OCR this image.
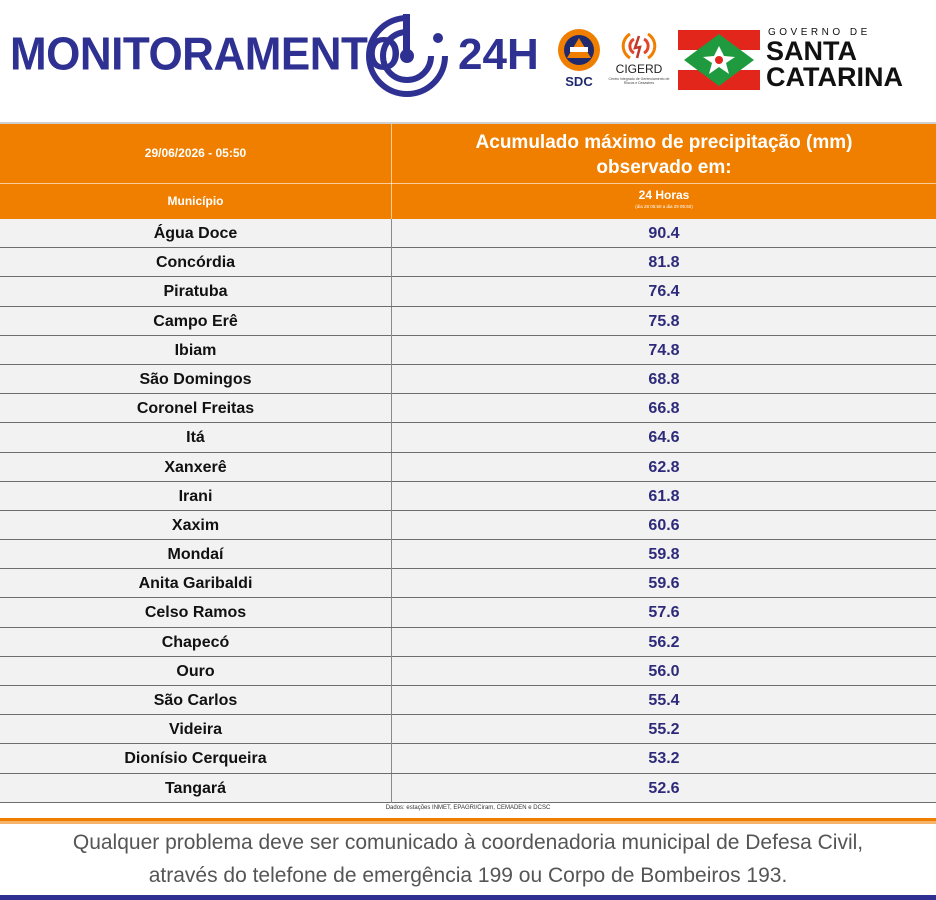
MONITORAMENTO 24H
SDC
CIGERD
Centro Integrado de Gerenciamento de Riscos e Desastres
GOVERNO DE
SANTA
CATARINA
29/06/2026 - 05:50	Acumulado máximo de precipitação (mm)
observado em:
Município	24 Horas
(dia 28 05:50 a dia 29 05:50)
Água Doce	90.4
Concórdia	81.8
Piratuba	76.4
Campo Erê	75.8
Ibiam	74.8
São Domingos	68.8
Coronel Freitas	66.8
Itá	64.6
Xanxerê	62.8
Irani	61.8
Xaxim	60.6
Mondaí	59.8
Anita Garibaldi	59.6
Celso Ramos	57.6
Chapecó	56.2
Ouro	56.0
São Carlos	55.4
Videira	55.2
Dionísio Cerqueira	53.2
Tangará	52.6
Dados: estações INMET, EPAGRI/Ciram, CEMADEN e DCSC
Qualquer problema deve ser comunicado à coordenadoria municipal de Defesa Civil,
através do telefone de emergência 199 ou Corpo de Bombeiros 193.
